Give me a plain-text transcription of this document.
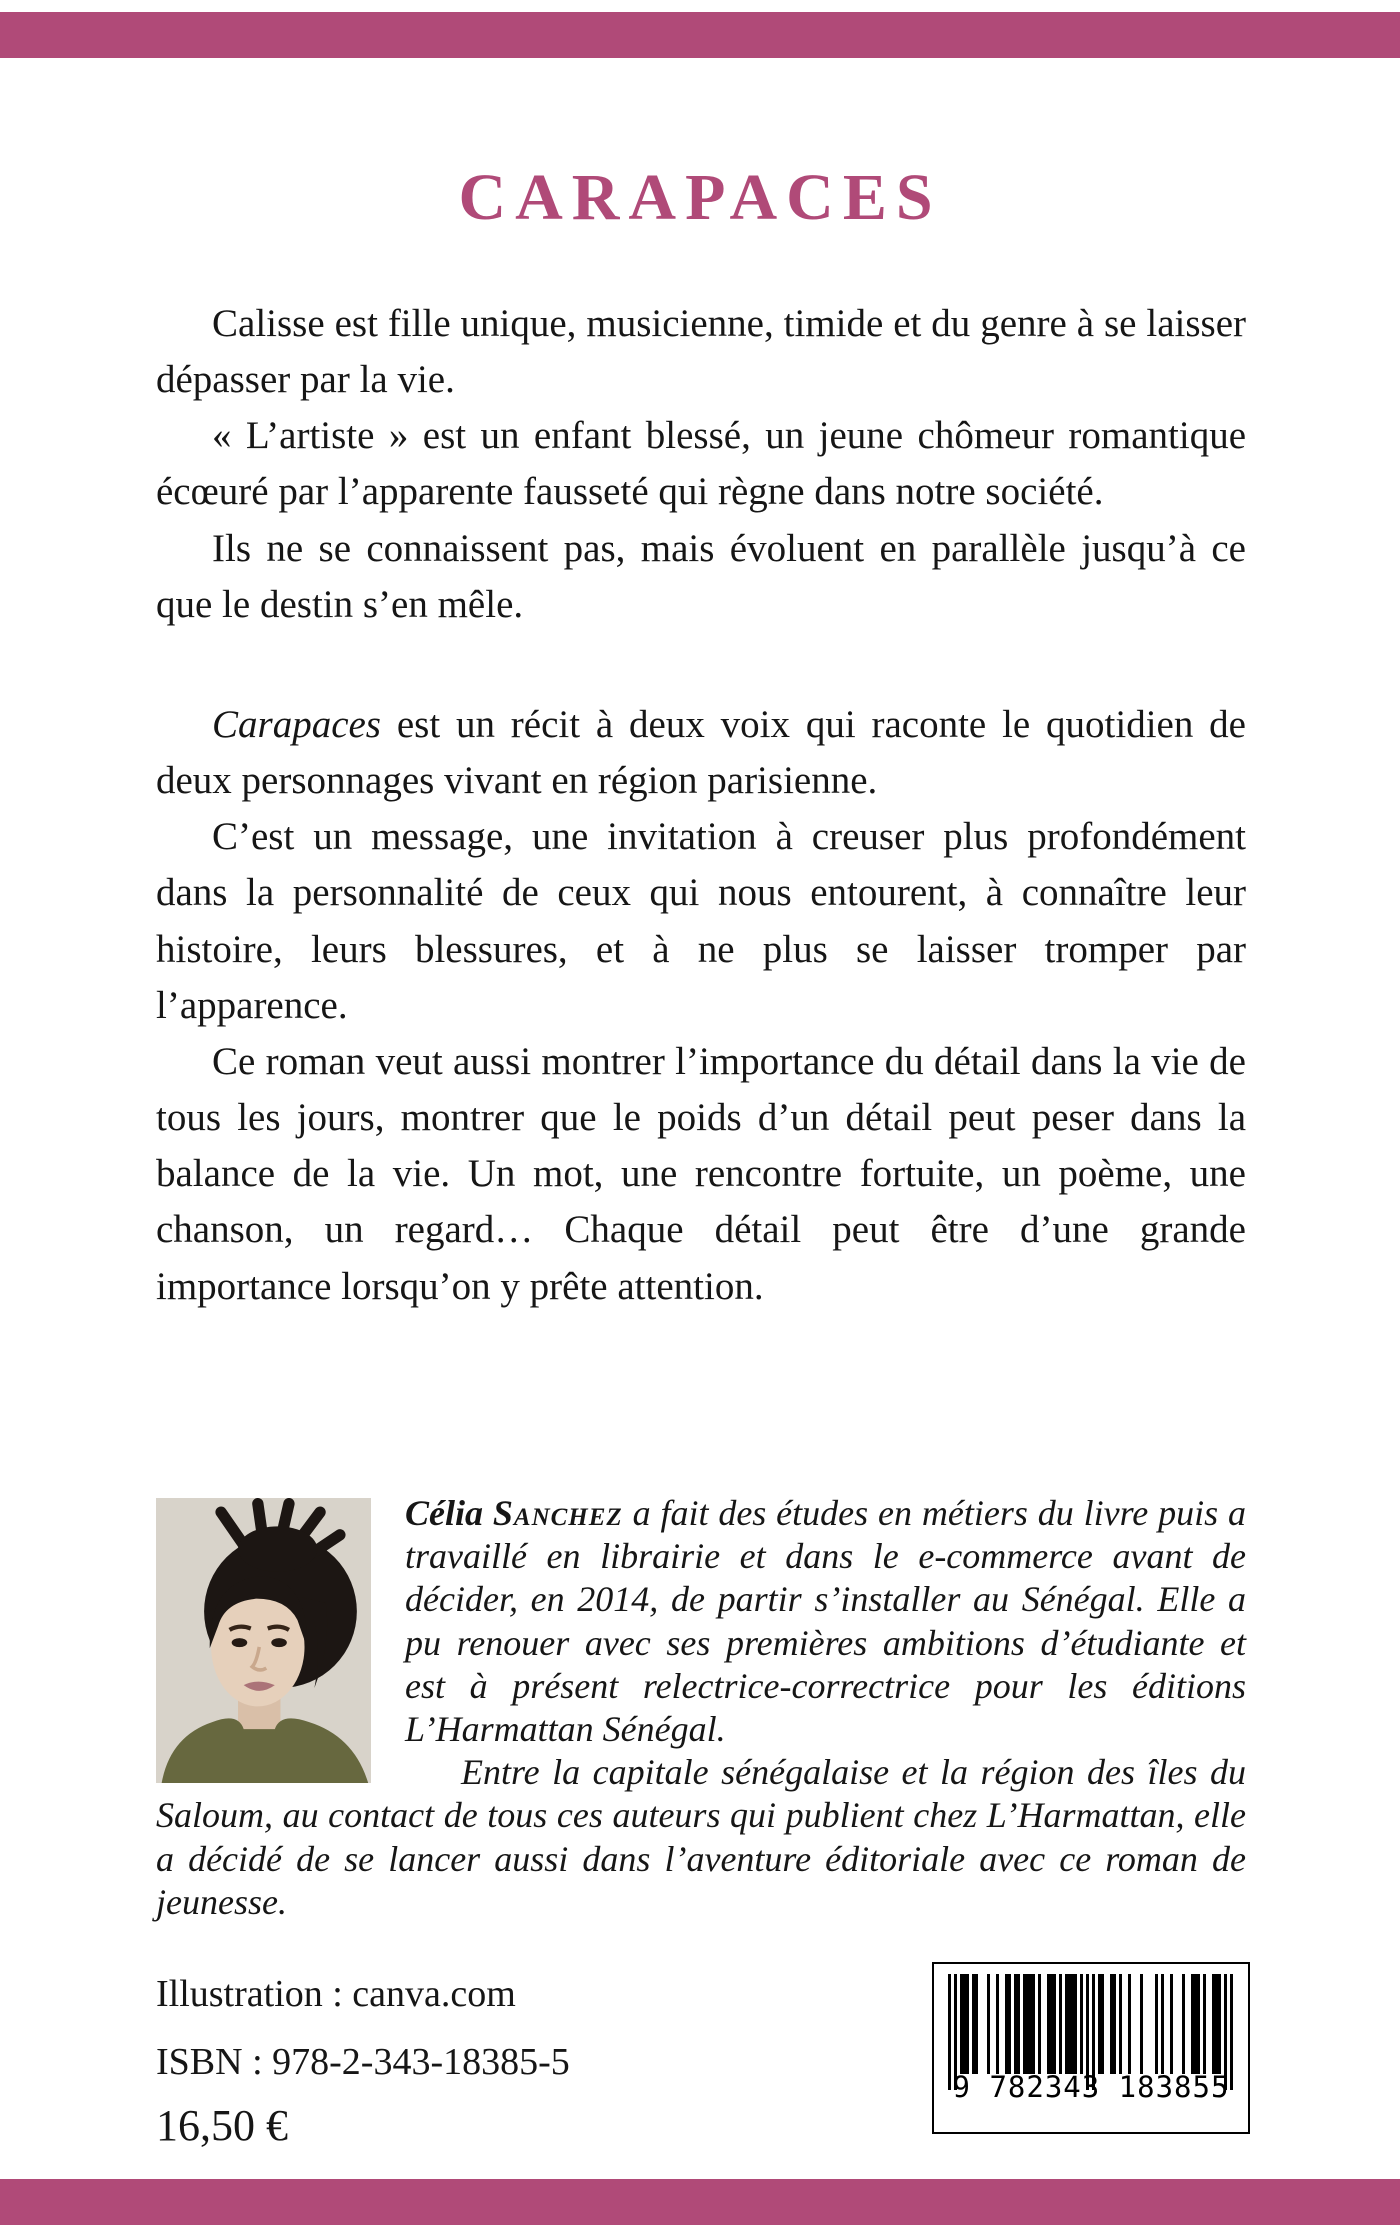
CARAPACES

Calisse est fille unique, musicienne, timide et du genre à se laisser dépasser par la vie.

« L’artiste » est un enfant blessé, un jeune chômeur romantique écœuré par l’apparente fausseté qui règne dans notre société.

Ils ne se connaissent pas, mais évoluent en parallèle jusqu’à ce que le destin s’en mêle.

Carapaces est un récit à deux voix qui raconte le quotidien de deux personnages vivant en région parisienne.

C’est un message, une invitation à creuser plus profondément dans la personnalité de ceux qui nous entourent, à connaître leur histoire, leurs blessures, et à ne plus se laisser tromper par l’apparence.

Ce roman veut aussi montrer l’importance du détail dans la vie de tous les jours, montrer que le poids d’un détail peut peser dans la balance de la vie. Un mot, une rencontre fortuite, un poème, une chanson, un regard… Chaque détail peut être d’une grande importance lorsqu’on y prête attention.

Célia Sanchez a fait des études en métiers du livre puis a travaillé en librairie et dans le e-commerce avant de décider, en 2014, de partir s’installer au Sénégal. Elle a pu renouer avec ses premières ambitions d’étudiante et est à présent relectrice-correctrice pour les éditions L’Harmattan Sénégal.

Entre la capitale sénégalaise et la région des îles du Saloum, au contact de tous ces auteurs qui publient chez L’Harmattan, elle a décidé de se lancer aussi dans l’aventure éditoriale avec ce roman de jeunesse.

Illustration : canva.com

ISBN : 978-2-343-18385-5

16,50 €

9 782343 183855
